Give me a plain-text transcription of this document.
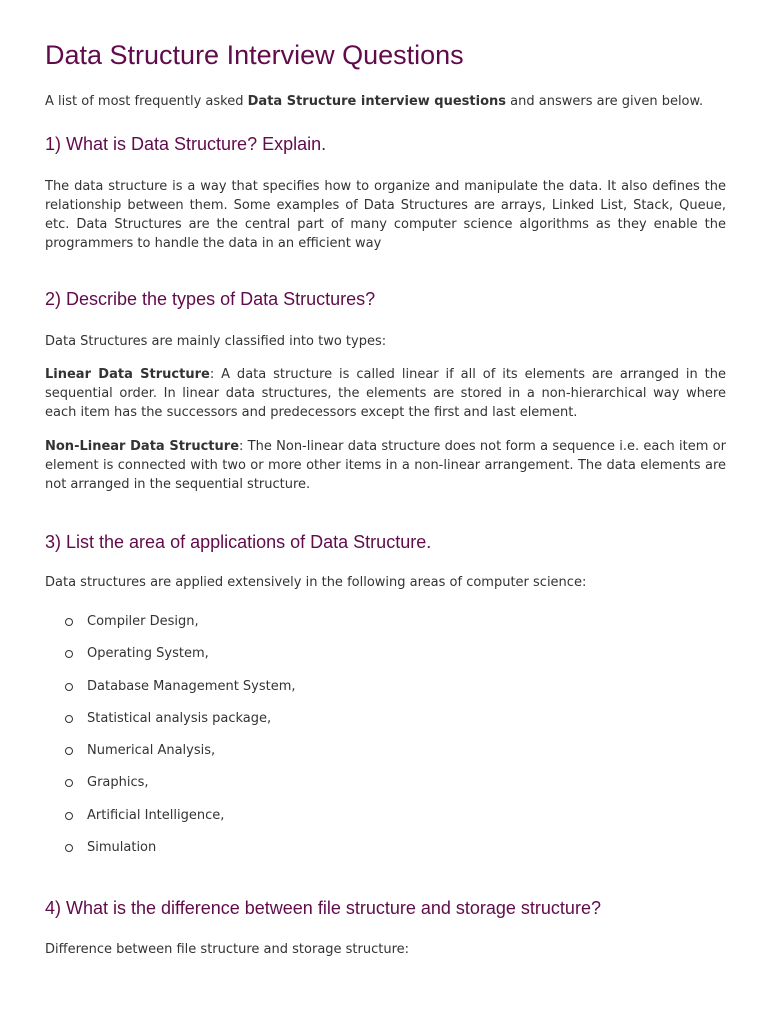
Data Structure Interview Questions

A list of most frequently asked Data Structure interview questions and answers are given below.

1) What is Data Structure? Explain.

The data structure is a way that specifies how to organize and manipulate the data. It also defines the relationship between them. Some examples of Data Structures are arrays, Linked List, Stack, Queue, etc. Data Structures are the central part of many computer science algorithms as they enable the programmers to handle the data in an efficient way

2) Describe the types of Data Structures?

Data Structures are mainly classified into two types:

Linear Data Structure: A data structure is called linear if all of its elements are arranged in the sequential order. In linear data structures, the elements are stored in a non-hierarchical way where each item has the successors and predecessors except the first and last element.

Non-Linear Data Structure: The Non-linear data structure does not form a sequence i.e. each item or element is connected with two or more other items in a non-linear arrangement. The data elements are not arranged in the sequential structure.

3) List the area of applications of Data Structure.

Data structures are applied extensively in the following areas of computer science:

Compiler Design,
Operating System,
Database Management System,
Statistical analysis package,
Numerical Analysis,
Graphics,
Artificial Intelligence,
Simulation
4) What is the difference between file structure and storage structure?

Difference between file structure and storage structure:
